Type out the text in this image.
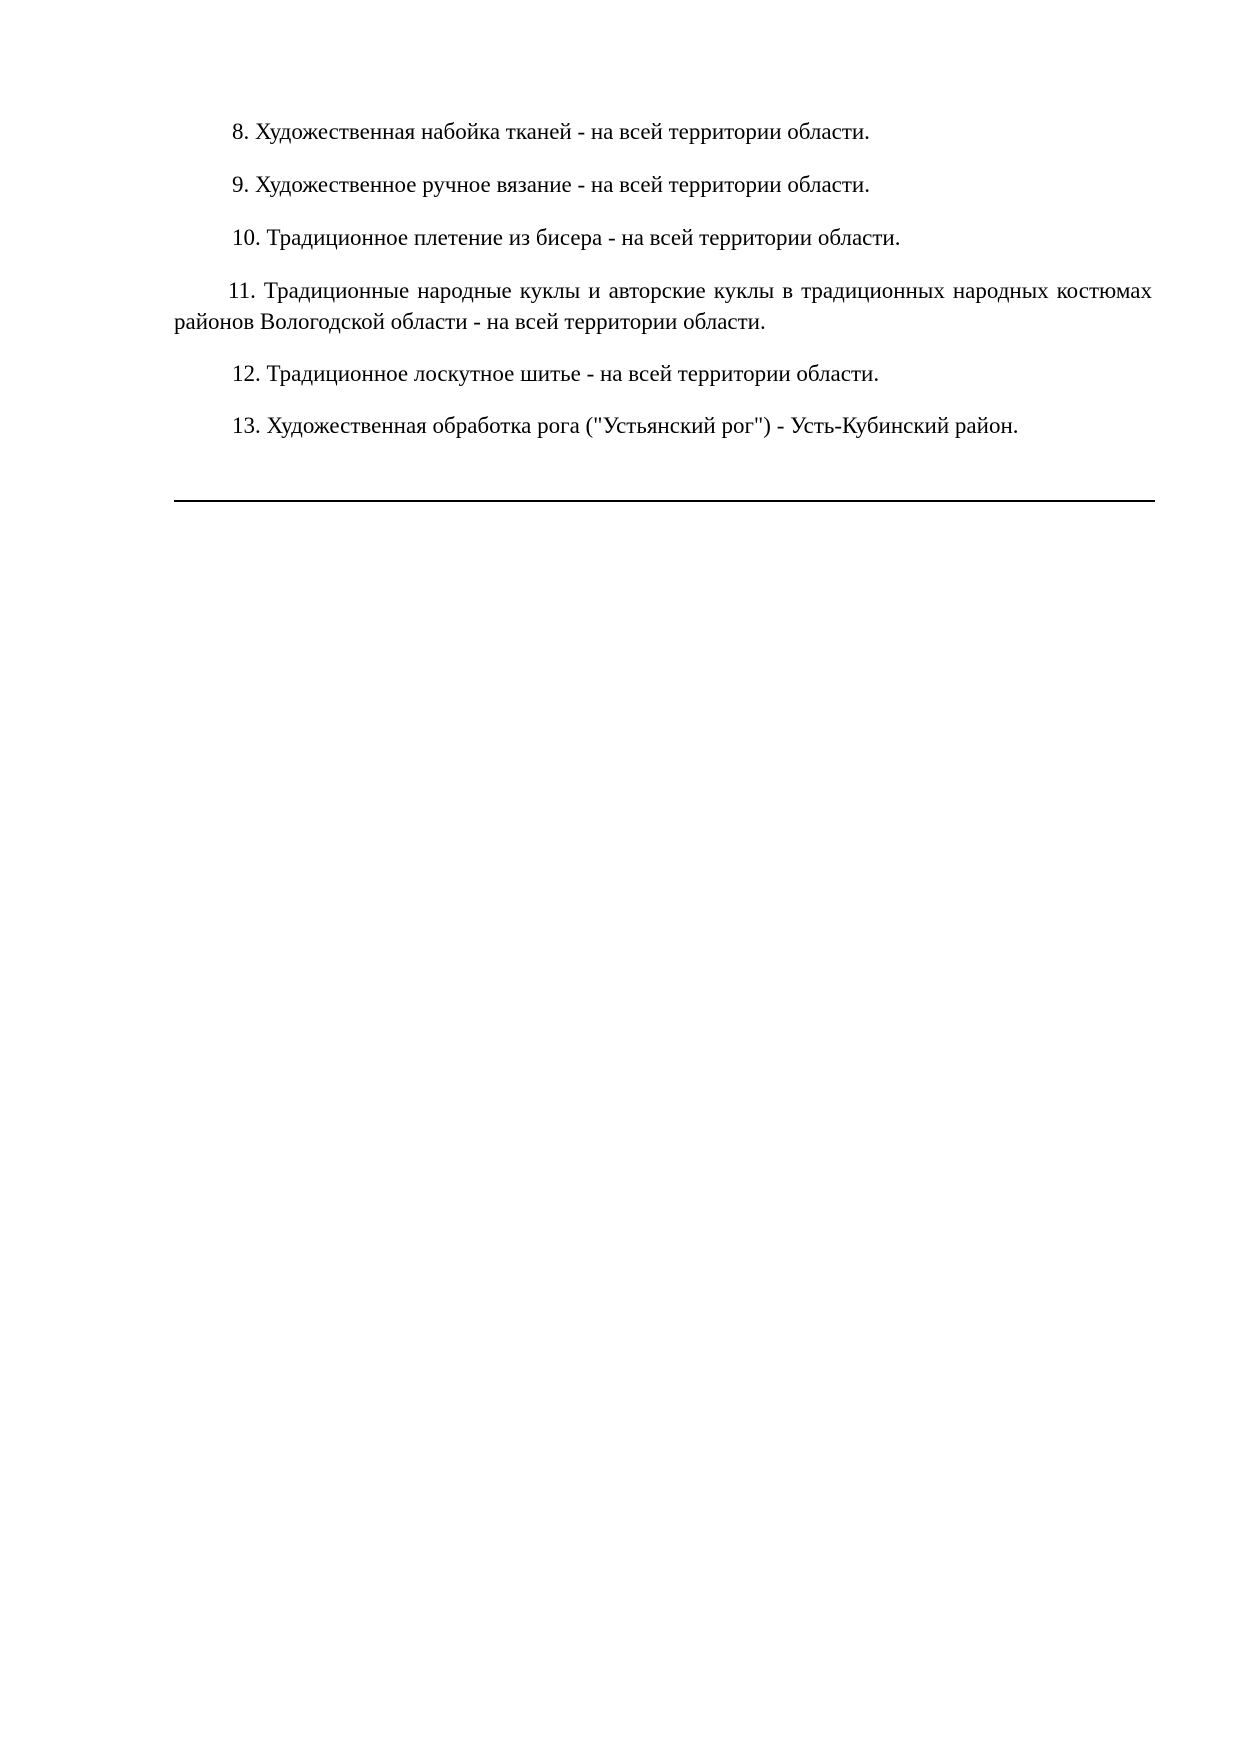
8. Художественная набойка тканей - на всей территории области.

9. Художественное ручное вязание - на всей территории области.

10. Традиционное плетение из бисера - на всей территории области.

11. Традиционные народные куклы и авторские куклы в традиционных народных костюмах районов Вологодской области - на всей территории области.

12. Традиционное лоскутное шитье - на всей территории области.

13. Художественная обработка рога ("Устьянский рог") - Усть-Кубинский район.
